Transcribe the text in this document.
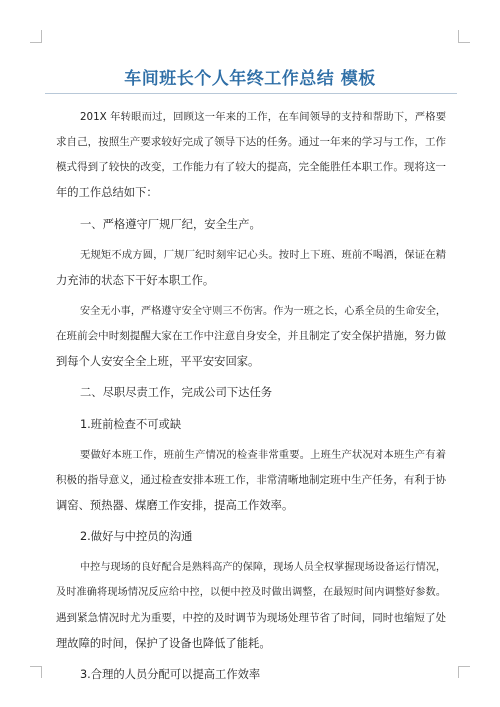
车间班长个人年终工作总结 模板
201X 年转眼而过，回顾这一年来的工作，在车间领导的支持和帮助下，严格要
求自己，按照生产要求较好完成了领导下达的任务。通过一年来的学习与工作，工作
模式得到了较快的改变，工作能力有了较大的提高，完全能胜任本职工作。现将这一
年的工作总结如下：
一、严格遵守厂规厂纪，安全生产。
无规矩不成方圆，厂规厂纪时刻牢记心头。按时上下班、班前不喝酒，保证在精
力充沛的状态下干好本职工作。
安全无小事，严格遵守安全守则三不伤害。作为一班之长，心系全员的生命安全，
在班前会中时刻提醒大家在工作中注意自身安全，并且制定了安全保护措施，努力做
到每个人安安全全上班，平平安安回家。
二、尽职尽责工作，完成公司下达任务
1.班前检查不可或缺
要做好本班工作，班前生产情况的检查非常重要。上班生产状况对本班生产有着
积极的指导意义，通过检查安排本班工作，非常清晰地制定班中生产任务，有利于协
调窑、预热器、煤磨工作安排，提高工作效率。
2.做好与中控员的沟通
中控与现场的良好配合是熟料高产的保障，现场人员全权掌握现场设备运行情况，
及时准确将现场情况反应给中控，以便中控及时做出调整，在最短时间内调整好参数。
遇到紧急情况时尤为重要，中控的及时调节为现场处理节省了时间，同时也缩短了处
理故障的时间，保护了设备也降低了能耗。
3.合理的人员分配可以提高工作效率
